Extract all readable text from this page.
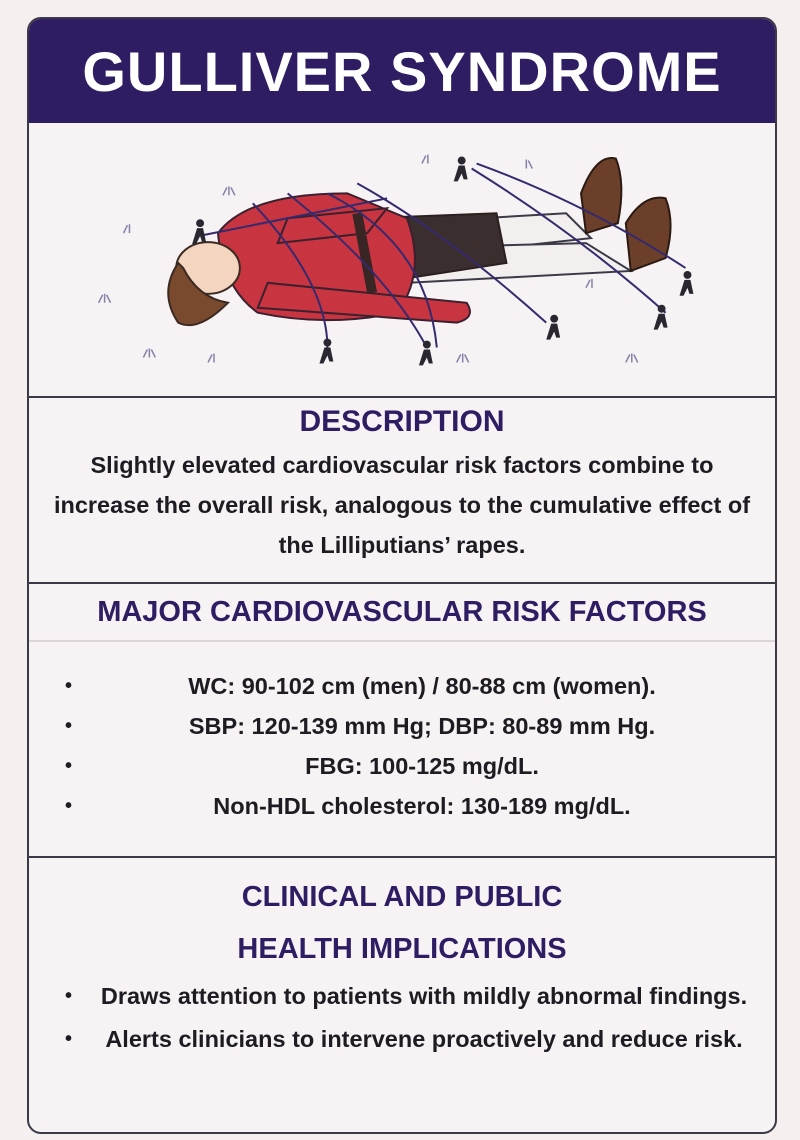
GULLIVER SYNDROME
DESCRIPTION

Slightly elevated cardiovascular risk factors combine to increase the overall risk, analogous to the cumulative effect of the Lilliputians’ rapes.

MAJOR CARDIOVASCULAR RISK FACTORS
•	WC: 90-102 cm (men) / 80-88 cm (women).
•	SBP: 120-139 mm Hg; DBP: 80-89 mm Hg.
•	FBG: 100-125 mg/dL.
•	Non-HDL cholesterol: 130-189 mg/dL.
CLINICAL AND PUBLIC
HEALTH IMPLICATIONS
• Draws attention to patients with mildly abnormal findings.
• Alerts clinicians to intervene proactively and reduce risk.
